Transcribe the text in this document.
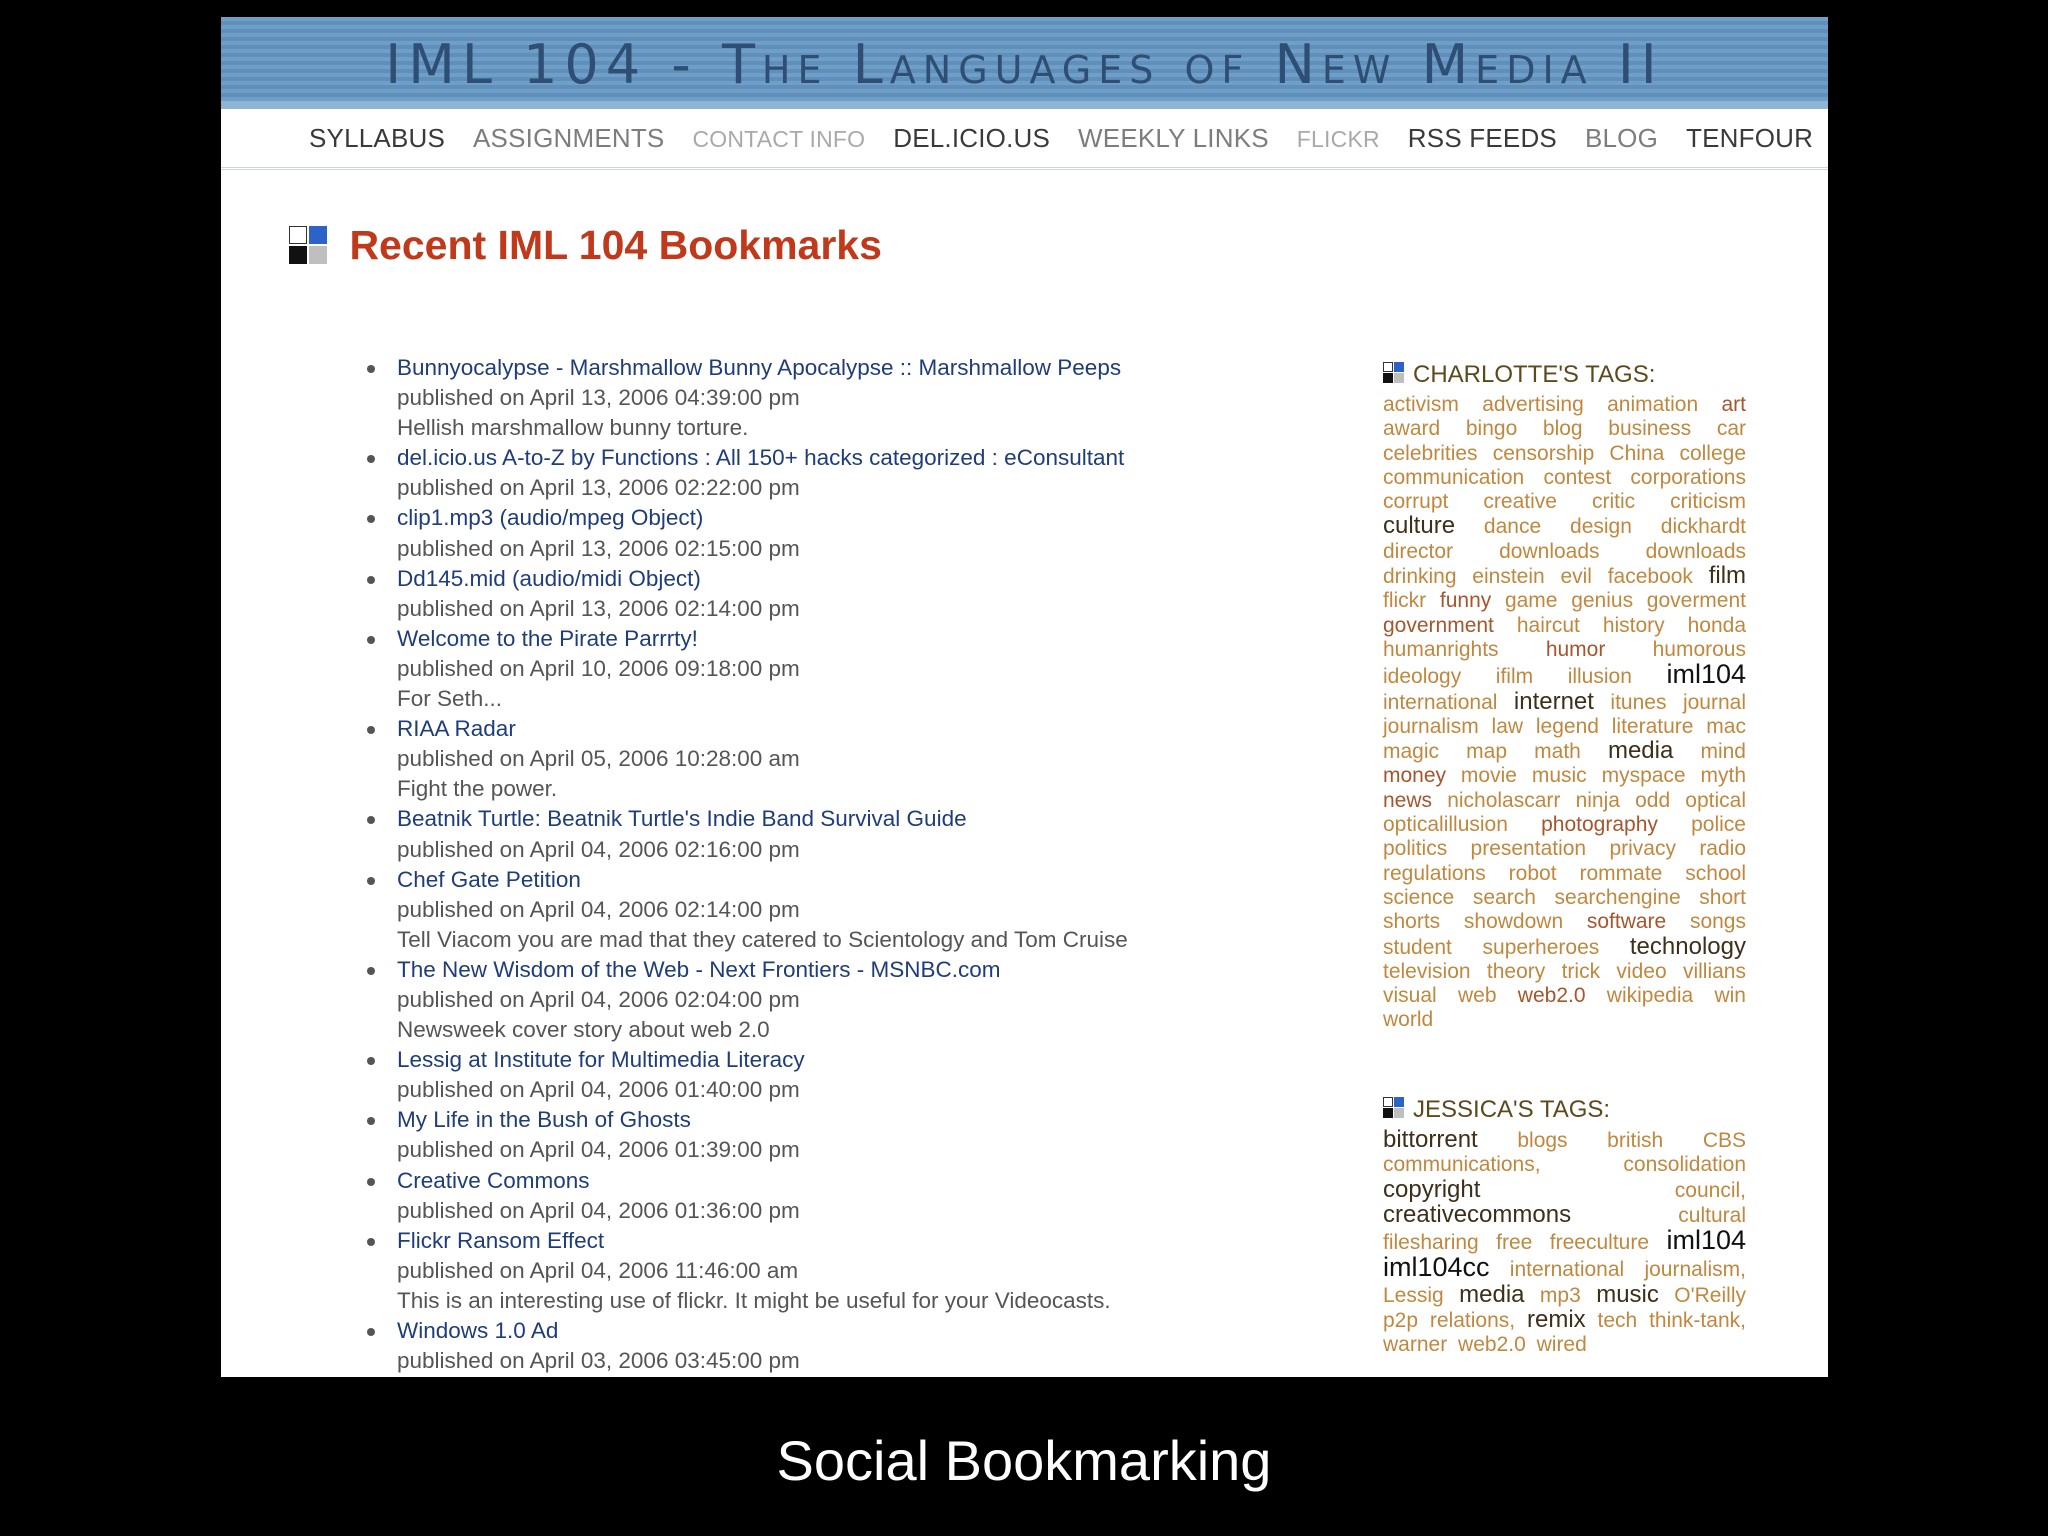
IML 104 - The Languages of New Media II
SYLLABUS ASSIGNMENTS CONTACT INFO DEL.ICIO.US WEEKLY LINKS FLICKR RSS FEEDS BLOG TENFOUR
Recent IML 104 Bookmarks
Bunnyocalypse - Marshmallow Bunny Apocalypse :: Marshmallow Peeps
published on April 13, 2006 04:39:00 pm
Hellish marshmallow bunny torture.
del.icio.us A-to-Z by Functions : All 150+ hacks categorized : eConsultant
published on April 13, 2006 02:22:00 pm
clip1.mp3 (audio/mpeg Object)
published on April 13, 2006 02:15:00 pm
Dd145.mid (audio/midi Object)
published on April 13, 2006 02:14:00 pm
Welcome to the Pirate Parrrty!
published on April 10, 2006 09:18:00 pm
For Seth...
RIAA Radar
published on April 05, 2006 10:28:00 am
Fight the power.
Beatnik Turtle: Beatnik Turtle's Indie Band Survival Guide
published on April 04, 2006 02:16:00 pm
Chef Gate Petition
published on April 04, 2006 02:14:00 pm
Tell Viacom you are mad that they catered to Scientology and Tom Cruise
The New Wisdom of the Web - Next Frontiers - MSNBC.com
published on April 04, 2006 02:04:00 pm
Newsweek cover story about web 2.0
Lessig at Institute for Multimedia Literacy
published on April 04, 2006 01:40:00 pm
My Life in the Bush of Ghosts
published on April 04, 2006 01:39:00 pm
Creative Commons
published on April 04, 2006 01:36:00 pm
Flickr Ransom Effect
published on April 04, 2006 11:46:00 am
This is an interesting use of flickr. It might be useful for your Videocasts.
Windows 1.0 Ad
published on April 03, 2006 03:45:00 pm
CHARLOTTE'S TAGS:
activism advertising animation art award bingo blog business car celebrities censorship China college communication contest corporations corrupt creative critic criticism culture dance design dickhardt director downloads downloads drinking einstein evil facebook film flickr funny game genius goverment government haircut history honda humanrights humor humorous ideology ifilm illusion iml104 international internet itunes journal journalism law legend literature mac magic map math media mind money movie music myspace myth news nicholascarr ninja odd optical opticalillusion photography police politics presentation privacy radio regulations robot rommate school science search searchengine short shorts showdown software songs student superheroes technology television theory trick video villians visual web web2.0 wikipedia win world
JESSICA'S TAGS:
bittorrent blogs british CBS communications,	consolidation copyright	council, creativecommons	cultural filesharing free freeculture iml104 iml104cc international journalism, Lessig media mp3 music O'Reilly p2p relations, remix tech think-tank, warner web2.0 wired
Social Bookmarking
